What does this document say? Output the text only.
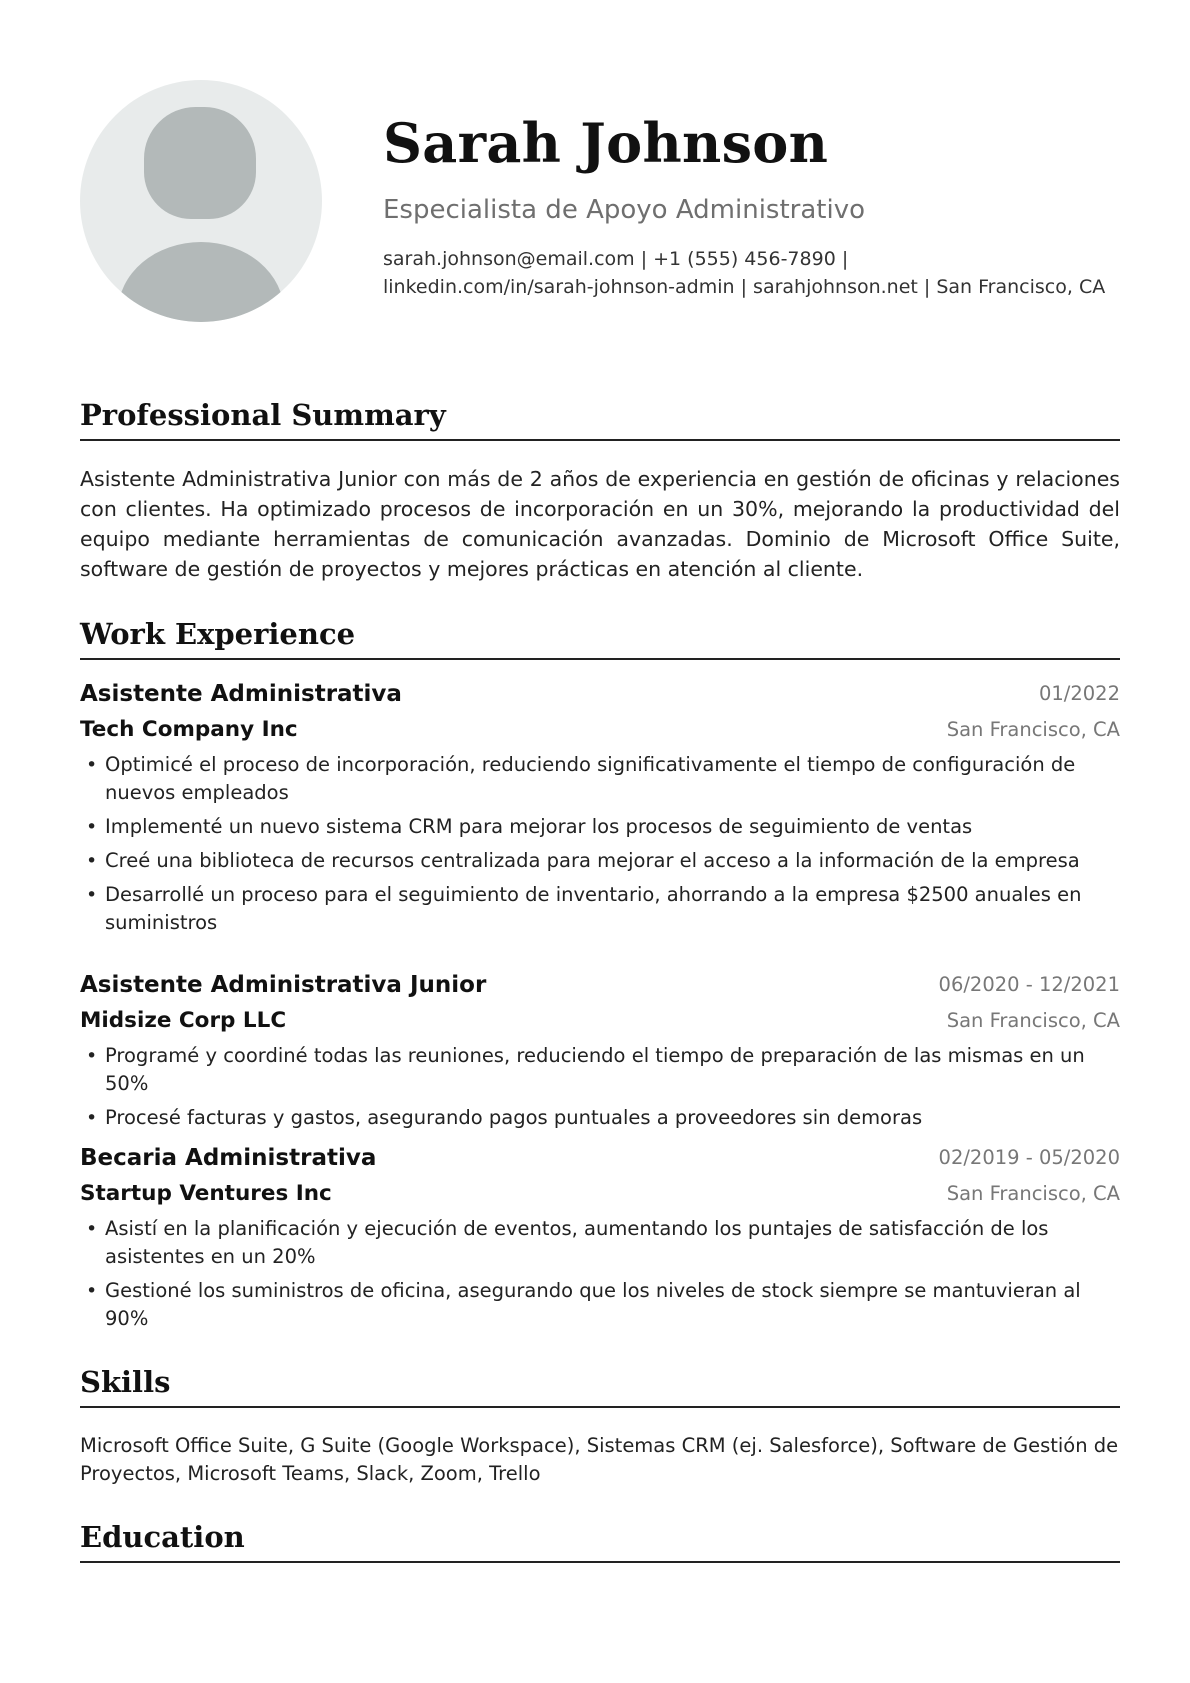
Sarah Johnson
Especialista de Apoyo Administrativo
sarah.johnson@email.com | +1 (555) 456-7890 |
linkedin.com/in/sarah-johnson-admin | sarahjohnson.net | San Francisco, CA
Professional Summary

Asistente Administrativa Junior con más de 2 años de experiencia en gestión de oficinas y relaciones con clientes. Ha optimizado procesos de incorporación en un 30%, mejorando la productividad del equipo mediante herramientas de comunicación avanzadas. Dominio de Microsoft Office Suite, software de gestión de proyectos y mejores prácticas en atención al cliente.

Work Experience
Asistente Administrativa	01/2022
Tech Company Inc	San Francisco, CA
• Optimicé el proceso de incorporación, reduciendo significativamente el tiempo de configuración de nuevos empleados
• Implementé un nuevo sistema CRM para mejorar los procesos de seguimiento de ventas
• Creé una biblioteca de recursos centralizada para mejorar el acceso a la información de la empresa
• Desarrollé un proceso para el seguimiento de inventario, ahorrando a la empresa $2500 anuales en suministros
Asistente Administrativa Junior	06/2020 - 12/2021
Midsize Corp LLC	San Francisco, CA
• Programé y coordiné todas las reuniones, reduciendo el tiempo de preparación de las mismas en un 50%
• Procesé facturas y gastos, asegurando pagos puntuales a proveedores sin demoras
Becaria Administrativa	02/2019 - 05/2020
Startup Ventures Inc	San Francisco, CA
• Asistí en la planificación y ejecución de eventos, aumentando los puntajes de satisfacción de los asistentes en un 20%
• Gestioné los suministros de oficina, asegurando que los niveles de stock siempre se mantuvieran al 90%
Skills

Microsoft Office Suite, G Suite (Google Workspace), Sistemas CRM (ej. Salesforce), Software de Gestión de Proyectos, Microsoft Teams, Slack, Zoom, Trello

Education
